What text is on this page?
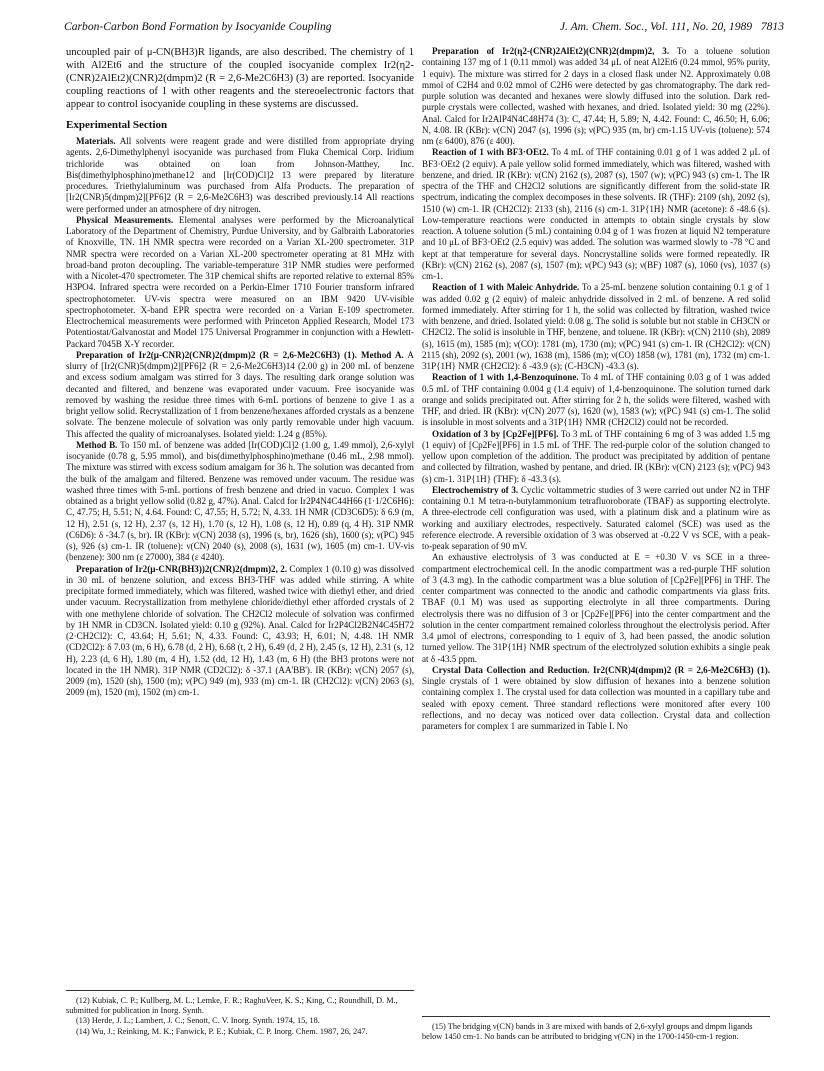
Carbon-Carbon Bond Formation by Isocyanide Coupling	J. Am. Chem. Soc., Vol. 111, No. 20, 1989 7813

uncoupled pair of μ-CN(BH3)R ligands, are also described. The chemistry of 1 with Al2Et6 and the structure of the coupled isocyanide complex Ir2(η2-(CNR)2AlEt2)(CNR)2(dmpm)2 (R = 2,6-Me2C6H3) (3) are reported. Isocyanide coupling reactions of 1 with other reagents and the stereoelectronic factors that appear to control isocyanide coupling in these systems are discussed.

Experimental Section

Materials. All solvents were reagent grade and were distilled from appropriate drying agents. 2,6-Dimethylphenyl isocyanide was purchased from Fluka Chemical Corp. Iridium trichloride was obtained on loan from Johnson-Matthey, Inc. Bis(dimethylphosphino)methane12 and [Ir(COD)Cl]2 13 were prepared by literature procedures. Triethylaluminum was purchased from Alfa Products. The preparation of [Ir2(CNR)5(dmpm)2][PF6]2 (R = 2,6-Me2C6H3) was described previously.14 All reactions were performed under an atmosphere of dry nitrogen.

Physical Measurements. Elemental analyses were performed by the Microanalytical Laboratory of the Department of Chemistry, Purdue University, and by Galbraith Laboratories of Knoxville, TN. 1H NMR spectra were recorded on a Varian XL-200 spectrometer. 31P NMR spectra were recorded on a Varian XL-200 spectrometer operating at 81 MHz with broad-band proton decoupling. The variable-temperature 31P NMR studies were performed with a Nicolet-470 spectrometer. The 31P chemical shifts are reported relative to external 85% H3PO4. Infrared spectra were recorded on a Perkin-Elmer 1710 Fourier transform infrared spectrophotometer. UV-vis spectra were measured on an IBM 9420 UV-visible spectrophotometer. X-band EPR spectra were recorded on a Varian E-109 spectrometer. Electrochemical measurements were performed with Princeton Applied Research, Model 173 Potentiostat/Galvanostat and Model 175 Universal Programmer in conjunction with a Hewlett-Packard 7045B X-Y recorder.

Preparation of Ir2(μ-CNR)2(CNR)2(dmpm)2 (R = 2,6-Me2C6H3) (1). Method A. A slurry of [Ir2(CNR)5(dmpm)2][PF6]2 (R = 2,6-Me2C6H3)14 (2.00 g) in 200 mL of benzene and excess sodium amalgam was stirred for 3 days. The resulting dark orange solution was decanted and filtered, and benzene was evaporated under vacuum. Free isocyanide was removed by washing the residue three times with 6-mL portions of benzene to give 1 as a bright yellow solid. Recrystallization of 1 from benzene/hexanes afforded crystals as a benzene solvate. The benzene molecule of solvation was only partly removable under high vacuum. This affected the quality of microanalyses. Isolated yield: 1.24 g (85%).

Method B. To 150 mL of benzene was added [Ir(COD)Cl]2 (1.00 g, 1.49 mmol), 2,6-xylyl isocyanide (0.78 g, 5.95 mmol), and bis(dimethylphosphino)methane (0.46 mL, 2.98 mmol). The mixture was stirred with excess sodium amalgam for 36 h. The solution was decanted from the bulk of the amalgam and filtered. Benzene was removed under vacuum. The residue was washed three times with 5-mL portions of fresh benzene and dried in vacuo. Complex 1 was obtained as a bright yellow solid (0.82 g, 47%). Anal. Calcd for Ir2P4N4C44H66 (1·1/2C6H6): C, 47.75; H, 5.51; N, 4.64. Found: C, 47.55; H, 5.72; N, 4.33. 1H NMR (CD3C6D5): δ 6.9 (m, 12 H), 2.51 (s, 12 H), 2.37 (s, 12 H), 1.70 (s, 12 H), 1.08 (s, 12 H), 0.89 (q, 4 H). 31P NMR (C6D6): δ -34.7 (s, br). IR (KBr): ν(CN) 2038 (s), 1996 (s, br), 1626 (sh), 1600 (s); ν(PC) 945 (s), 926 (s) cm-1. IR (toluene): ν(CN) 2040 (s), 2008 (s), 1631 (w), 1605 (m) cm-1. UV-vis (benzene): 300 nm (ε 27000), 384 (ε 4240).

Preparation of Ir2(μ-CNR(BH3))2(CNR)2(dmpm)2, 2. Complex 1 (0.10 g) was dissolved in 30 mL of benzene solution, and excess BH3-THF was added while stirring. A white precipitate formed immediately, which was filtered, washed twice with diethyl ether, and dried under vacuum. Recrystallization from methylene chloride/diethyl ether afforded crystals of 2 with one methylene chloride of solvation. The CH2Cl2 molecule of solvation was confirmed by 1H NMR in CD3CN. Isolated yield: 0.10 g (92%). Anal. Calcd for Ir2P4Cl2B2N4C45H72 (2·CH2Cl2): C, 43.64; H, 5.61; N, 4.33. Found: C, 43.93; H, 6.01; N, 4.48. 1H NMR (CD2Cl2): δ 7.03 (m, 6 H), 6.78 (d, 2 H), 6.68 (t, 2 H), 6.49 (d, 2 H), 2.45 (s, 12 H), 2.31 (s, 12 H), 2.23 (d, 6 H), 1.80 (m, 4 H), 1.52 (dd, 12 H), 1.43 (m, 6 H) (the BH3 protons were not located in the 1H NMR). 31P NMR (CD2Cl2): δ -37.1 (AA'BB'). IR (KBr): ν(CN) 2057 (s), 2009 (m), 1520 (sh), 1500 (m); ν(PC) 949 (m), 933 (m) cm-1. IR (CH2Cl2): ν(CN) 2063 (s), 2009 (m), 1520 (m), 1502 (m) cm-1.

(12) Kubiak, C. P.; Kullberg, M. L.; Lemke, F. R.; RaghuVeer, K. S.; King, C.; Roundhill, D. M., submitted for publication in Inorg. Synth.

(13) Herde, J. L.; Lambert, J. C.; Senott, C. V. Inorg. Synth. 1974, 15, 18.

(14) Wu, J.; Reinking, M. K.; Fanwick, P. E.; Kubiak, C. P. Inorg. Chem. 1987, 26, 247.

Preparation of Ir2(η2-(CNR)2AlEt2)(CNR)2(dmpm)2, 3. To a toluene solution containing 137 mg of 1 (0.11 mmol) was added 34 μL of neat Al2Et6 (0.24 mmol, 95% purity, 1 equiv). The mixture was stirred for 2 days in a closed flask under N2. Approximately 0.08 mmol of C2H4 and 0.02 mmol of C2H6 were detected by gas chromatography. The dark red-purple solution was decanted and hexanes were slowly diffused into the solution. Dark red-purple crystals were collected, washed with hexanes, and dried. Isolated yield: 30 mg (22%). Anal. Calcd for Ir2AlP4N4C48H74 (3): C, 47.44; H, 5.89; N, 4.42. Found: C, 46.50; H, 6.06; N, 4.08. IR (KBr): ν(CN) 2047 (s), 1996 (s); ν(PC) 935 (m, br) cm-1.15 UV-vis (toluene): 574 nm (ε 6400), 876 (ε 400).

Reaction of 1 with BF3·OEt2. To 4 mL of THF containing 0.01 g of 1 was added 2 μL of BF3·OEt2 (2 equiv). A pale yellow solid formed immediately, which was filtered, washed with benzene, and dried. IR (KBr): ν(CN) 2162 (s), 2087 (s), 1507 (w); ν(PC) 943 (s) cm-1. The IR spectra of the THF and CH2Cl2 solutions are significantly different from the solid-state IR spectrum, indicating the complex decomposes in these solvents. IR (THF): 2109 (sh), 2092 (s), 1510 (w) cm-1. IR (CH2Cl2): 2133 (sh), 2116 (s) cm-1. 31P{1H} NMR (acetone): δ -48.6 (s). Low-temperature reactions were conducted in attempts to obtain single crystals by slow reaction. A toluene solution (5 mL) containing 0.04 g of 1 was frozen at liquid N2 temperature and 10 μL of BF3·OEt2 (2.5 equiv) was added. The solution was warmed slowly to -78 °C and kept at that temperature for several days. Noncrystalline solids were formed repeatedly. IR (KBr): ν(CN) 2162 (s), 2087 (s), 1507 (m); ν(PC) 943 (s); ν(BF) 1087 (s), 1060 (vs), 1037 (s) cm-1.

Reaction of 1 with Maleic Anhydride. To a 25-mL benzene solution containing 0.1 g of 1 was added 0.02 g (2 equiv) of maleic anhydride dissolved in 2 mL of benzene. A red solid formed immediately. After stirring for 1 h, the solid was collected by filtration, washed twice with benzene, and dried. Isolated yield: 0.08 g. The solid is soluble but not stable in CH3CN or CH2Cl2. The solid is insoluble in THF, benzene, and toluene. IR (KBr): ν(CN) 2110 (sh), 2089 (s), 1615 (m), 1585 (m); ν(CO): 1781 (m), 1730 (m); ν(PC) 941 (s) cm-1. IR (CH2Cl2): ν(CN) 2115 (sh), 2092 (s), 2001 (w), 1638 (m), 1586 (m); ν(CO) 1858 (w), 1781 (m), 1732 (m) cm-1. 31P{1H} NMR (CH2Cl2): δ -43.9 (s); (C-H3CN) -43.3 (s).

Reaction of 1 with 1,4-Benzoquinone. To 4 mL of THF containing 0.03 g of 1 was added 0.5 mL of THF containing 0.004 g (1.4 equiv) of 1,4-benzoquinone. The solution turned dark orange and solids precipitated out. After stirring for 2 h, the solids were filtered, washed with THF, and dried. IR (KBr): ν(CN) 2077 (s), 1620 (w), 1583 (w); ν(PC) 941 (s) cm-1. The solid is insoluble in most solvents and a 31P{1H} NMR (CH2Cl2) could not be recorded.

Oxidation of 3 by [Cp2Fe][PF6]. To 3 mL of THF containing 6 mg of 3 was added 1.5 mg (1 equiv) of [Cp2Fe][PF6] in 1.5 mL of THF. The red-purple color of the solution changed to yellow upon completion of the addition. The product was precipitated by addition of pentane and collected by filtration, washed by pentane, and dried. IR (KBr): ν(CN) 2123 (s); ν(PC) 943 (s) cm-1. 31P{1H} (THF): δ -43.3 (s).

Electrochemistry of 3. Cyclic voltammetric studies of 3 were carried out under N2 in THF containing 0.1 M tetra-n-butylammonium tetrafluoroborate (TBAF) as supporting electrolyte. A three-electrode cell configuration was used, with a platinum disk and a platinum wire as working and auxiliary electrodes, respectively. Saturated calomel (SCE) was used as the reference electrode. A reversible oxidation of 3 was observed at -0.22 V vs SCE, with a peak-to-peak separation of 90 mV.

An exhaustive electrolysis of 3 was conducted at E = +0.30 V vs SCE in a three-compartment electrochemical cell. In the anodic compartment was a red-purple THF solution of 3 (4.3 mg). In the cathodic compartment was a blue solution of [Cp2Fe][PF6] in THF. The center compartment was connected to the anodic and cathodic compartments via glass frits. TBAF (0.1 M) was used as supporting electrolyte in all three compartments. During electrolysis there was no diffusion of 3 or [Cp2Fe][PF6] into the center compartment and the solution in the center compartment remained colorless throughout the electrolysis period. After 3.4 μmol of electrons, corresponding to 1 equiv of 3, had been passed, the anodic solution turned yellow. The 31P{1H} NMR spectrum of the electrolyzed solution exhibits a single peak at δ -43.5 ppm.

Crystal Data Collection and Reduction. Ir2(CNR)4(dmpm)2 (R = 2,6-Me2C6H3) (1). Single crystals of 1 were obtained by slow diffusion of hexanes into a benzene solution containing complex 1. The crystal used for data collection was mounted in a capillary tube and sealed with epoxy cement. Three standard reflections were monitored after every 100 reflections, and no decay was noticed over data collection. Crystal data and collection parameters for complex 1 are summarized in Table I. No

(15) The bridging ν(CN) bands in 3 are mixed with bands of 2,6-xylyl groups and dmpm ligands below 1450 cm-1. No bands can be attributed to bridging ν(CN) in the 1700-1450-cm-1 region.
